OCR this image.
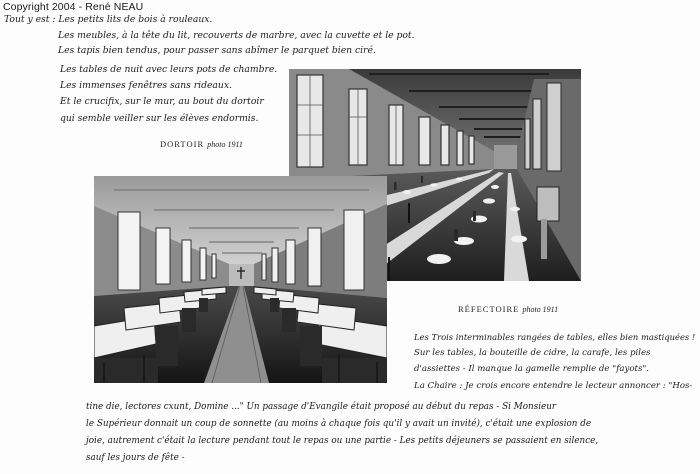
Copyright 2004 - René NEAU
Tout y est : Les petits lits de bois à rouleaux.
Les meubles, à la tête du lit, recouverts de marbre, avec la cuvette et le pot.
Les tapis bien tendus, pour passer sans abîmer le parquet bien ciré.
Les tables de nuit avec leurs pots de chambre.
Les immenses fenêtres sans rideaux.
Et le crucifix, sur le mur, au bout du dortoir
qui semble veiller sur les élèves endormis.
DORTOIR photo 1911
RÉFECTOIRE photo 1911
Les Trois interminables rangées de tables, elles bien mastiquées !
Sur les tables, la bouteille de cidre, la carafe, les piles
d'assiettes - Il manque la gamelle remplie de "fayots".
La Chaire : Je crois encore entendre le lecteur annoncer : "Hos-
tine die, lectores cxunt, Domine ..." Un passage d'Evangile était proposé au début du repas - Si Monsieur
le Supérieur donnait un coup de sonnette (au moins à chaque fois qu'il y avait un invité), c'était une explosion de
joie, autrement c'était la lecture pendant tout le repas ou une partie - Les petits déjeuners se passaient en silence,
sauf les jours de fête -
